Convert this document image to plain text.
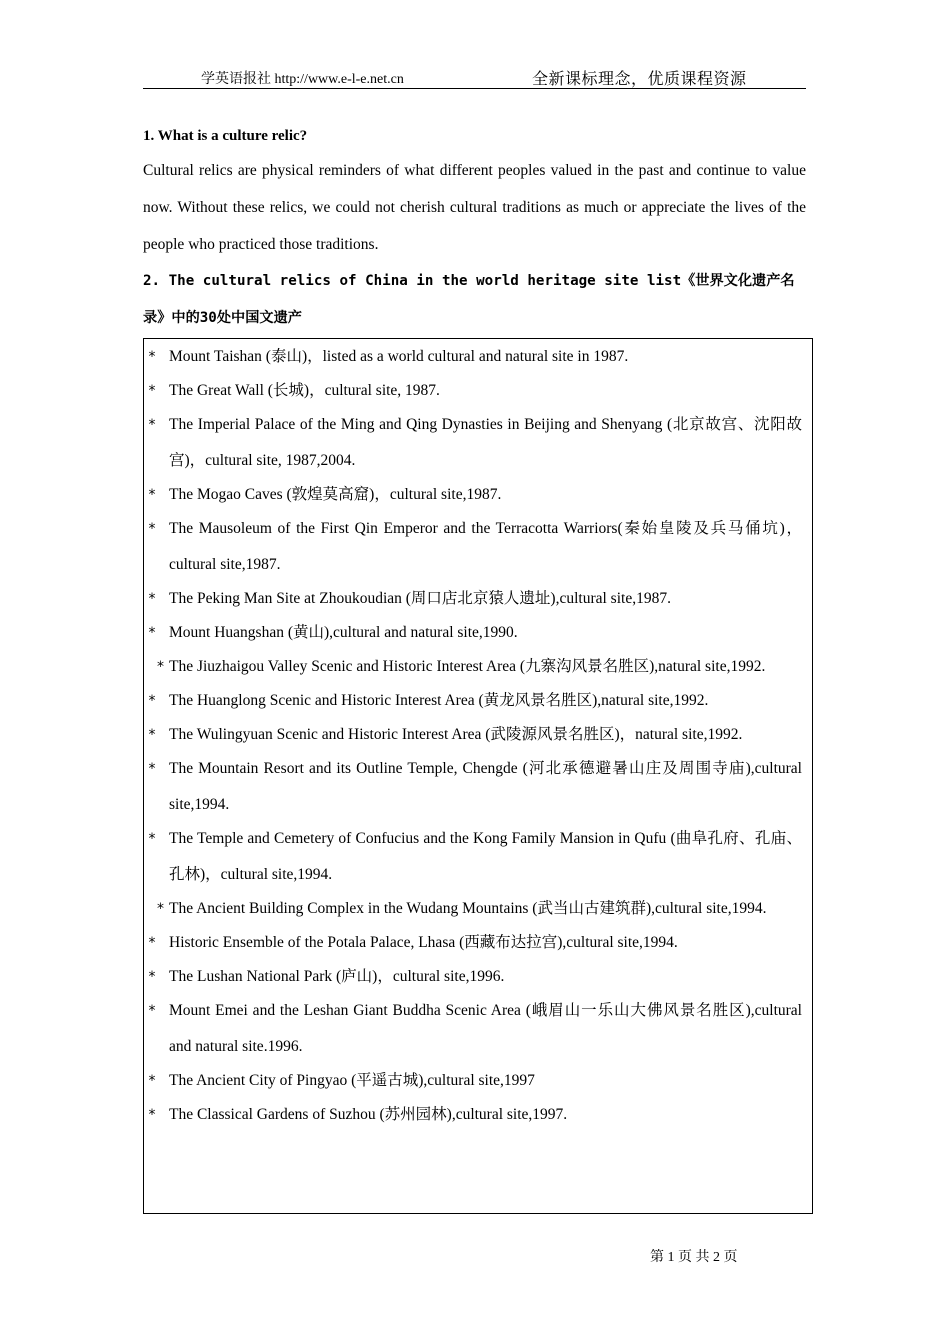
学英语报社 http://www.e-l-e.net.cn	全新课标理念，优质课程资源

1. What is a culture relic?

Cultural relics are physical reminders of what different peoples valued in the past and continue to value now. Without these relics, we could not cherish cultural traditions as much or appreciate the lives of the people who practiced those traditions.

2. The cultural relics of China in the world heritage site list《世界文化遗产名录》中的30处中国文遗产

* Mount Taishan (泰山)，listed as a world cultural and natural site in 1987.

* The Great Wall (长城)，cultural site, 1987.

* The Imperial Palace of the Ming and Qing Dynasties in Beijing and Shenyang (北京故宫、沈阳故宫)，cultural site, 1987,2004.

* The Mogao Caves (敦煌莫高窟)，cultural site,1987.

* The Mausoleum of the First Qin Emperor and the Terracotta Warriors(秦始皇陵及兵马俑坑)，cultural site,1987.

* The Peking Man Site at Zhoukoudian (周口店北京猿人遗址),cultural site,1987.

* Mount Huangshan (黄山),cultural and natural site,1990.

* The Jiuzhaigou Valley Scenic and Historic Interest Area (九寨沟风景名胜区),natural site,1992.

* The Huanglong Scenic and Historic Interest Area (黄龙风景名胜区),natural site,1992.

* The Wulingyuan Scenic and Historic Interest Area (武陵源风景名胜区)，natural site,1992.

* The Mountain Resort and its Outline Temple, Chengde (河北承德避暑山庄及周围寺庙),cultural site,1994.

* The Temple and Cemetery of Confucius and the Kong Family Mansion in Qufu (曲阜孔府、孔庙、孔林)，cultural site,1994.

* The Ancient Building Complex in the Wudang Mountains (武当山古建筑群),cultural site,1994.

* Historic Ensemble of the Potala Palace, Lhasa (西藏布达拉宫),cultural site,1994.

* The Lushan National Park (庐山)，cultural site,1996.

* Mount Emei and the Leshan Giant Buddha Scenic Area (峨眉山一乐山大佛风景名胜区),cultural and natural site.1996.

* The Ancient City of Pingyao (平遥古城),cultural site,1997

* The Classical Gardens of Suzhou (苏州园林),cultural site,1997.

第 1 页 共 2 页
